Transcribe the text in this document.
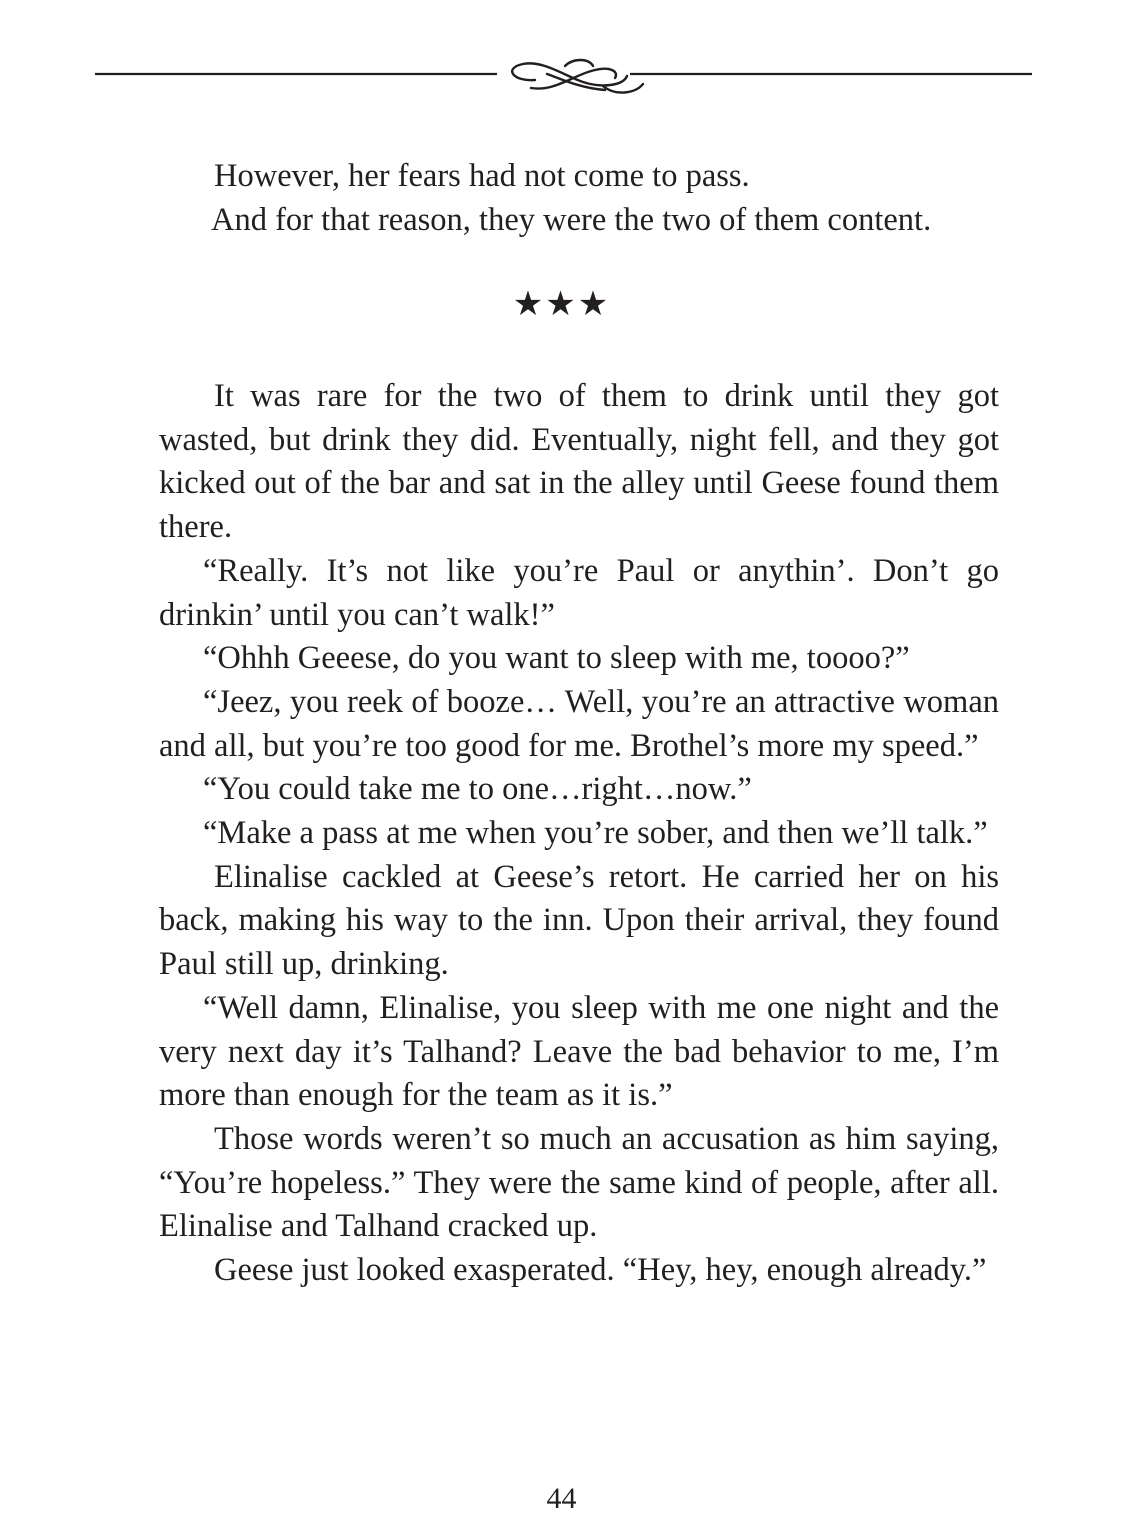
However, her fears had not come to pass.

And for that reason, they were the two of them content.

★★★

It was rare for the two of them to drink until they got wasted, but drink they did. Eventually, night fell, and they got kicked out of the bar and sat in the alley until Geese found them there.

“Really. It’s not like you’re Paul or anythin’. Don’t go drinkin’ until you can’t walk!”

“Ohhh Geeese, do you want to sleep with me, toooo?”

“Jeez, you reek of booze… Well, you’re an attractive woman and all, but you’re too good for me. Brothel’s more my speed.”

“You could take me to one…right…now.”

“Make a pass at me when you’re sober, and then we’ll talk.”

Elinalise cackled at Geese’s retort. He carried her on his back, making his way to the inn. Upon their arrival, they found Paul still up, drinking.

“Well damn, Elinalise, you sleep with me one night and the very next day it’s Talhand? Leave the bad behavior to me, I’m more than enough for the team as it is.”

Those words weren’t so much an accusation as him saying, “You’re hopeless.” They were the same kind of people, after all. Elinalise and Talhand cracked up.

Geese just looked exasperated. “Hey, hey, enough already.”

44
